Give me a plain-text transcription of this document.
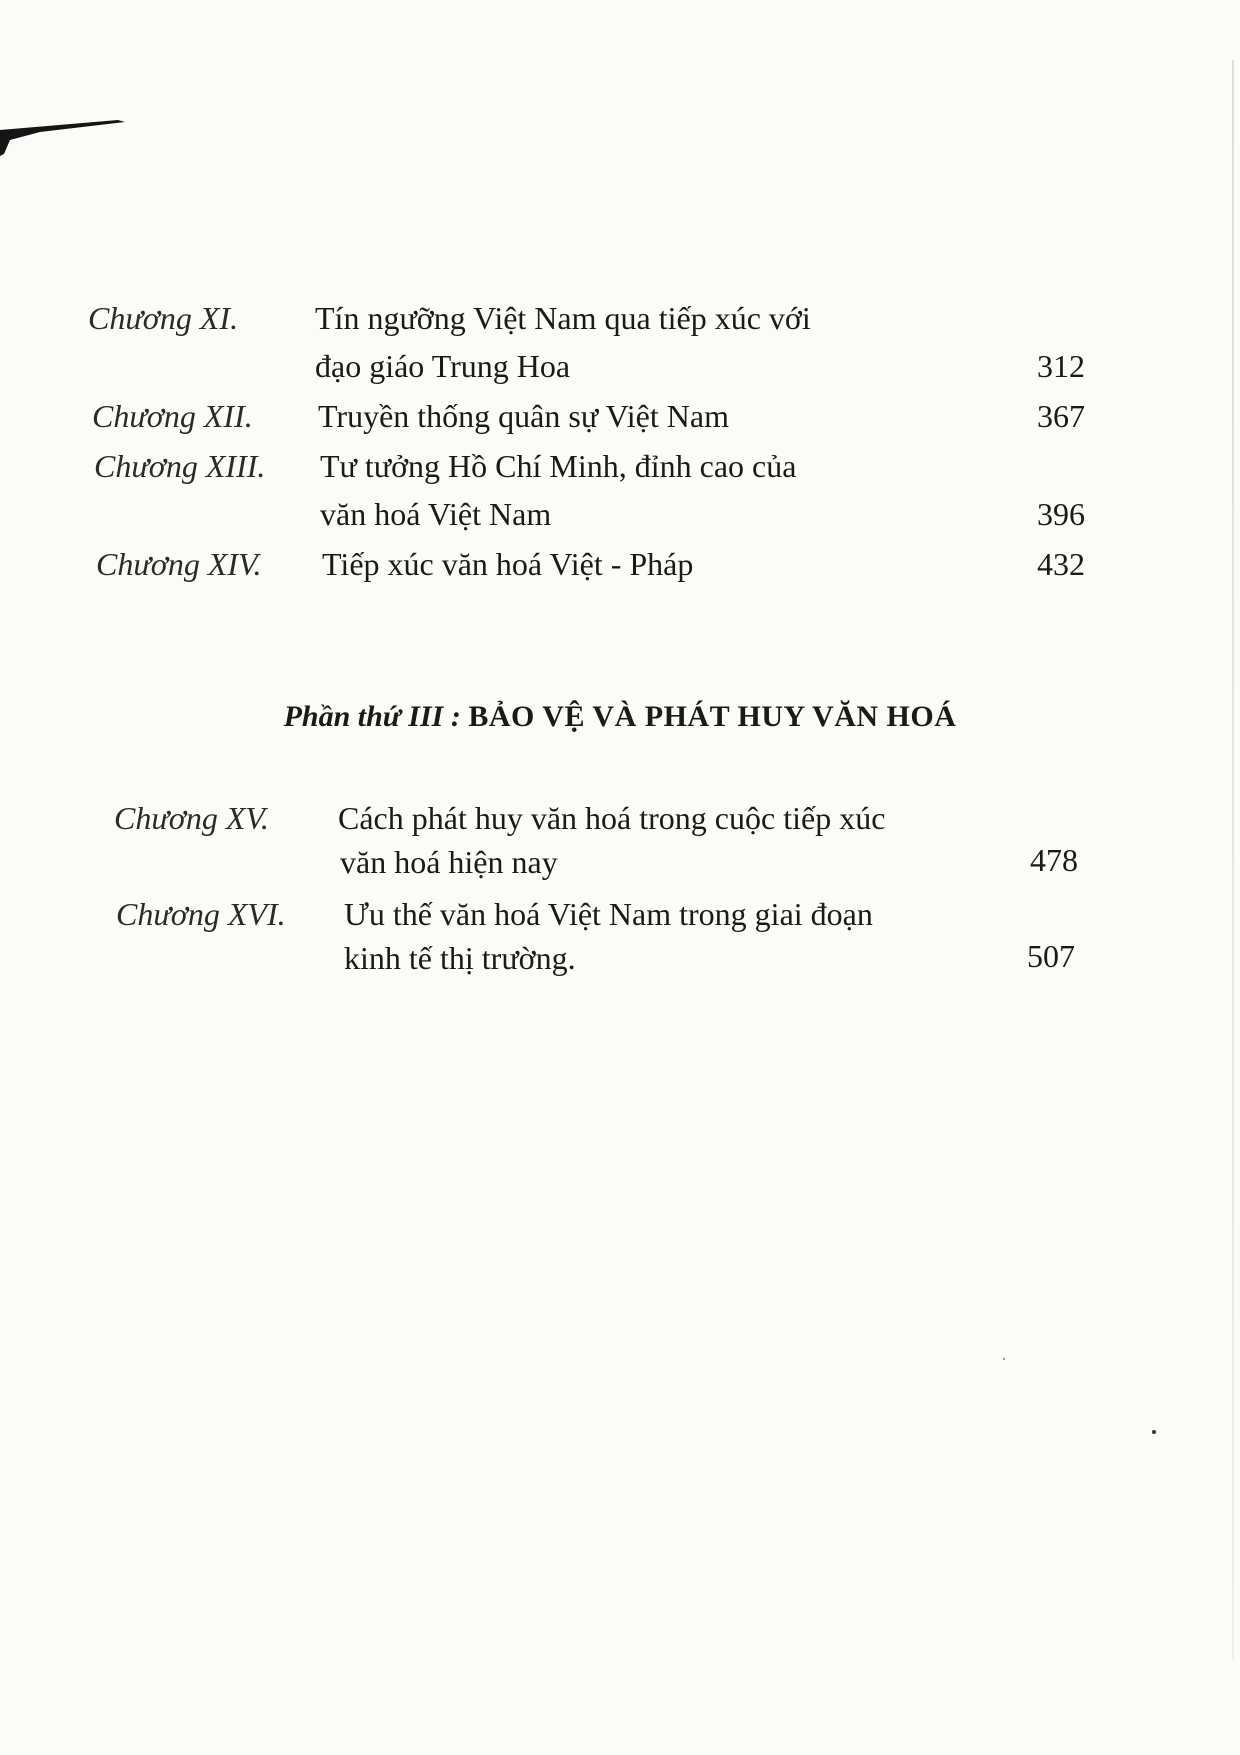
Chương XI. Tín ngưỡng Việt Nam qua tiếp xúc với
đạo giáo Trung Hoa	312
Chương XII. Truyền thống quân sự Việt Nam	367
Chương XIII. Tư tưởng Hồ Chí Minh, đỉnh cao của
văn hoá Việt Nam	396
Chương XIV. Tiếp xúc văn hoá Việt - Pháp	432
Phần thứ III : BẢO VỆ VÀ PHÁT HUY VĂN HOÁ
Chương XV. Cách phát huy văn hoá trong cuộc tiếp xúc
văn hoá hiện nay	478
Chương XVI. Ưu thế văn hoá Việt Nam trong giai đoạn
kinh tế thị trường.	507
